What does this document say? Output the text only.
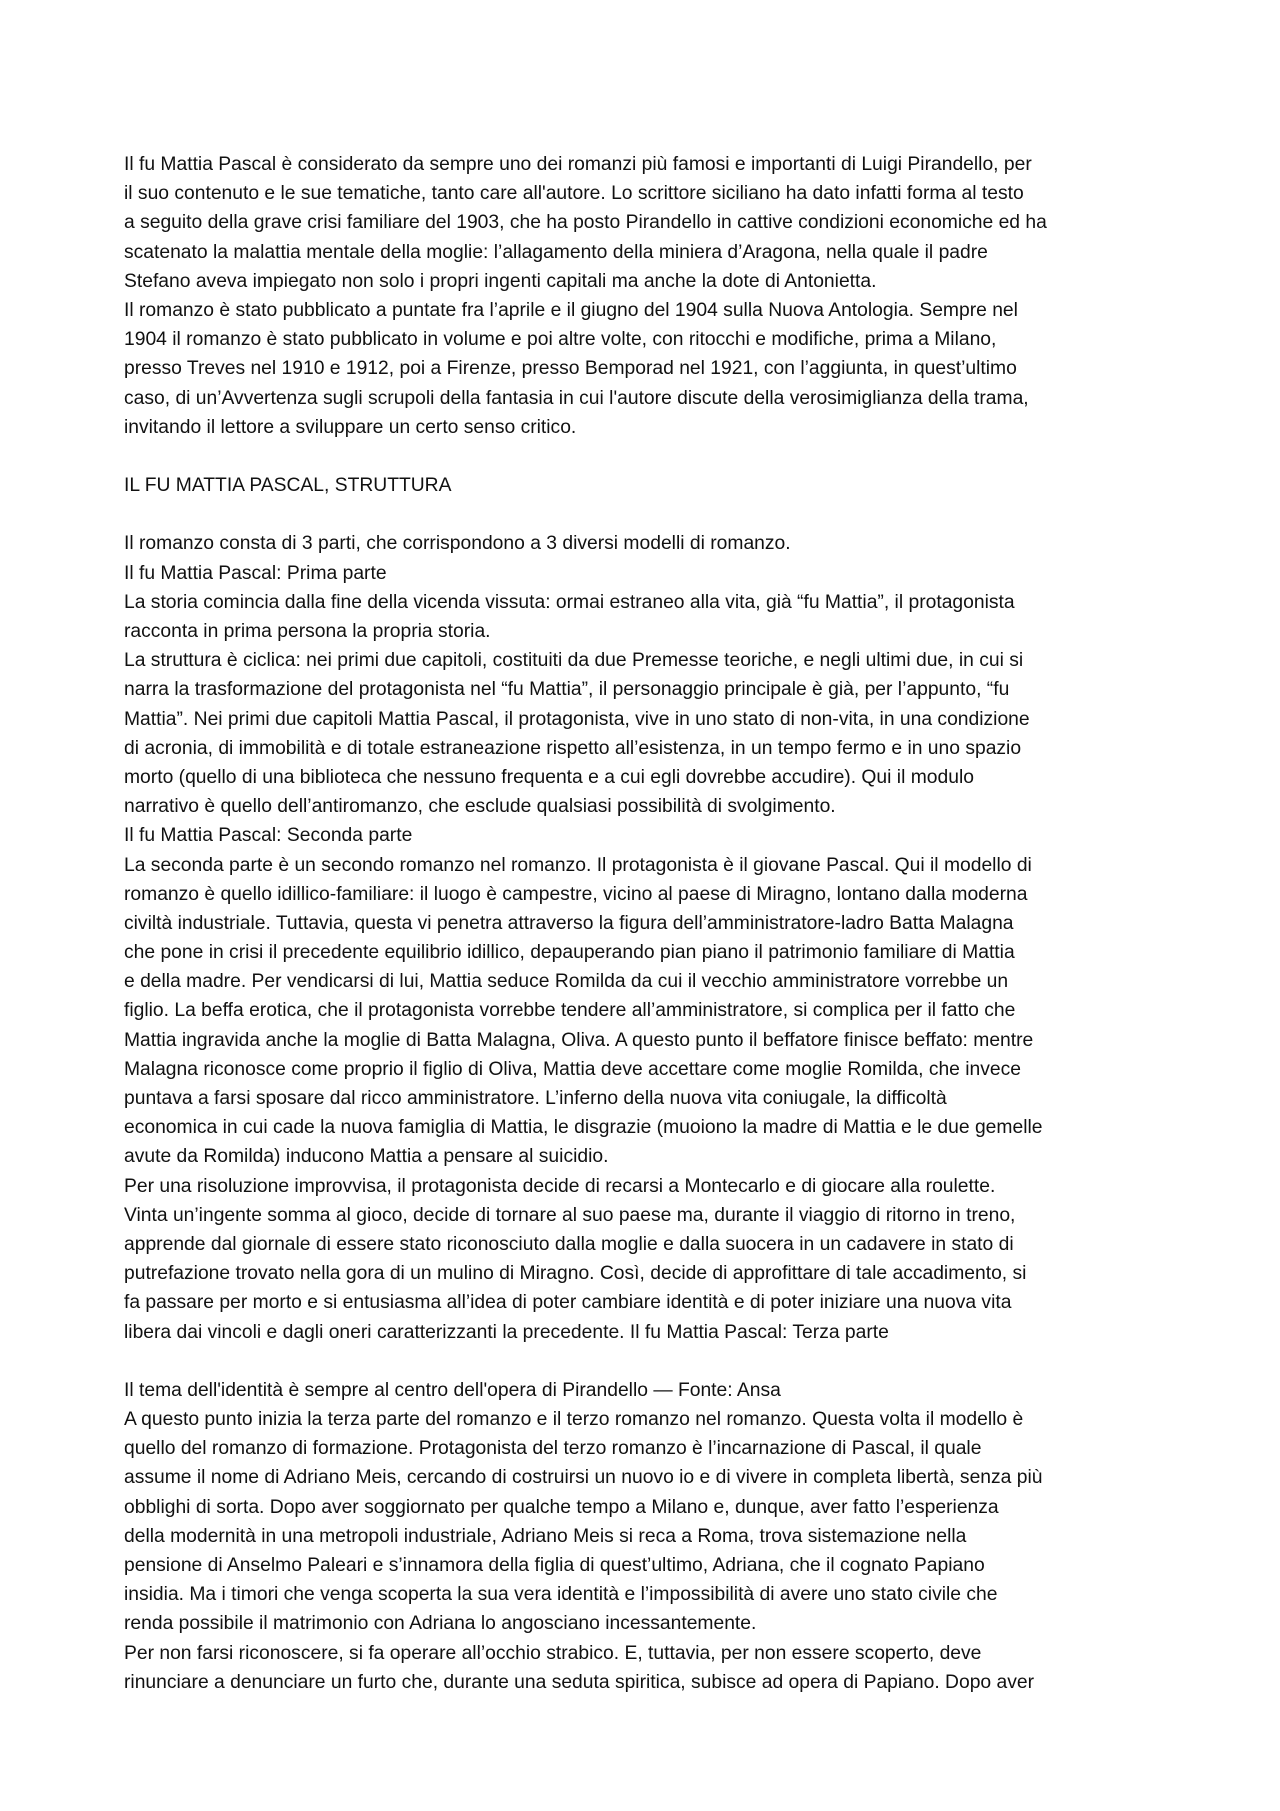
Il fu Mattia Pascal è considerato da sempre uno dei romanzi più famosi e importanti di Luigi Pirandello, per
il suo contenuto e le sue tematiche, tanto care all'autore. Lo scrittore siciliano ha dato infatti forma al testo
a seguito della grave crisi familiare del 1903, che ha posto Pirandello in cattive condizioni economiche ed ha
scatenato la malattia mentale della moglie: l’allagamento della miniera d’Aragona, nella quale il padre
Stefano aveva impiegato non solo i propri ingenti capitali ma anche la dote di Antonietta.
Il romanzo è stato pubblicato a puntate fra l’aprile e il giugno del 1904 sulla Nuova Antologia. Sempre nel
1904 il romanzo è stato pubblicato in volume e poi altre volte, con ritocchi e modifiche, prima a Milano,
presso Treves nel 1910 e 1912, poi a Firenze, presso Bemporad nel 1921, con l’aggiunta, in quest’ultimo
caso, di un’Avvertenza sugli scrupoli della fantasia in cui l'autore discute della verosimiglianza della trama,
invitando il lettore a sviluppare un certo senso critico.
IL FU MATTIA PASCAL, STRUTTURA
Il romanzo consta di 3 parti, che corrispondono a 3 diversi modelli di romanzo.
Il fu Mattia Pascal: Prima parte
La storia comincia dalla fine della vicenda vissuta: ormai estraneo alla vita, già “fu Mattia”, il protagonista
racconta in prima persona la propria storia.
La struttura è ciclica: nei primi due capitoli, costituiti da due Premesse teoriche, e negli ultimi due, in cui si
narra la trasformazione del protagonista nel “fu Mattia”, il personaggio principale è già, per l’appunto, “fu
Mattia”. Nei primi due capitoli Mattia Pascal, il protagonista, vive in uno stato di non-vita, in una condizione
di acronia, di immobilità e di totale estraneazione rispetto all’esistenza, in un tempo fermo e in uno spazio
morto (quello di una biblioteca che nessuno frequenta e a cui egli dovrebbe accudire). Qui il modulo
narrativo è quello dell’antiromanzo, che esclude qualsiasi possibilità di svolgimento.
Il fu Mattia Pascal: Seconda parte
La seconda parte è un secondo romanzo nel romanzo. Il protagonista è il giovane Pascal. Qui il modello di
romanzo è quello idillico-familiare: il luogo è campestre, vicino al paese di Miragno, lontano dalla moderna
civiltà industriale. Tuttavia, questa vi penetra attraverso la figura dell’amministratore-ladro Batta Malagna
che pone in crisi il precedente equilibrio idillico, depauperando pian piano il patrimonio familiare di Mattia
e della madre. Per vendicarsi di lui, Mattia seduce Romilda da cui il vecchio amministratore vorrebbe un
figlio. La beffa erotica, che il protagonista vorrebbe tendere all’amministratore, si complica per il fatto che
Mattia ingravida anche la moglie di Batta Malagna, Oliva. A questo punto il beffatore finisce beffato: mentre
Malagna riconosce come proprio il figlio di Oliva, Mattia deve accettare come moglie Romilda, che invece
puntava a farsi sposare dal ricco amministratore. L’inferno della nuova vita coniugale, la difficoltà
economica in cui cade la nuova famiglia di Mattia, le disgrazie (muoiono la madre di Mattia e le due gemelle
avute da Romilda) inducono Mattia a pensare al suicidio.
Per una risoluzione improvvisa, il protagonista decide di recarsi a Montecarlo e di giocare alla roulette.
Vinta un’ingente somma al gioco, decide di tornare al suo paese ma, durante il viaggio di ritorno in treno,
apprende dal giornale di essere stato riconosciuto dalla moglie e dalla suocera in un cadavere in stato di
putrefazione trovato nella gora di un mulino di Miragno. Così, decide di approfittare di tale accadimento, si
fa passare per morto e si entusiasma all’idea di poter cambiare identità e di poter iniziare una nuova vita
libera dai vincoli e dagli oneri caratterizzanti la precedente. Il fu Mattia Pascal: Terza parte
Il tema dell'identità è sempre al centro dell'opera di Pirandello — Fonte: Ansa
A questo punto inizia la terza parte del romanzo e il terzo romanzo nel romanzo. Questa volta il modello è
quello del romanzo di formazione. Protagonista del terzo romanzo è l’incarnazione di Pascal, il quale
assume il nome di Adriano Meis, cercando di costruirsi un nuovo io e di vivere in completa libertà, senza più
obblighi di sorta. Dopo aver soggiornato per qualche tempo a Milano e, dunque, aver fatto l’esperienza
della modernità in una metropoli industriale, Adriano Meis si reca a Roma, trova sistemazione nella
pensione di Anselmo Paleari e s’innamora della figlia di quest’ultimo, Adriana, che il cognato Papiano
insidia. Ma i timori che venga scoperta la sua vera identità e l’impossibilità di avere uno stato civile che
renda possibile il matrimonio con Adriana lo angosciano incessantemente.
Per non farsi riconoscere, si fa operare all’occhio strabico. E, tuttavia, per non essere scoperto, deve
rinunciare a denunciare un furto che, durante una seduta spiritica, subisce ad opera di Papiano. Dopo aver
